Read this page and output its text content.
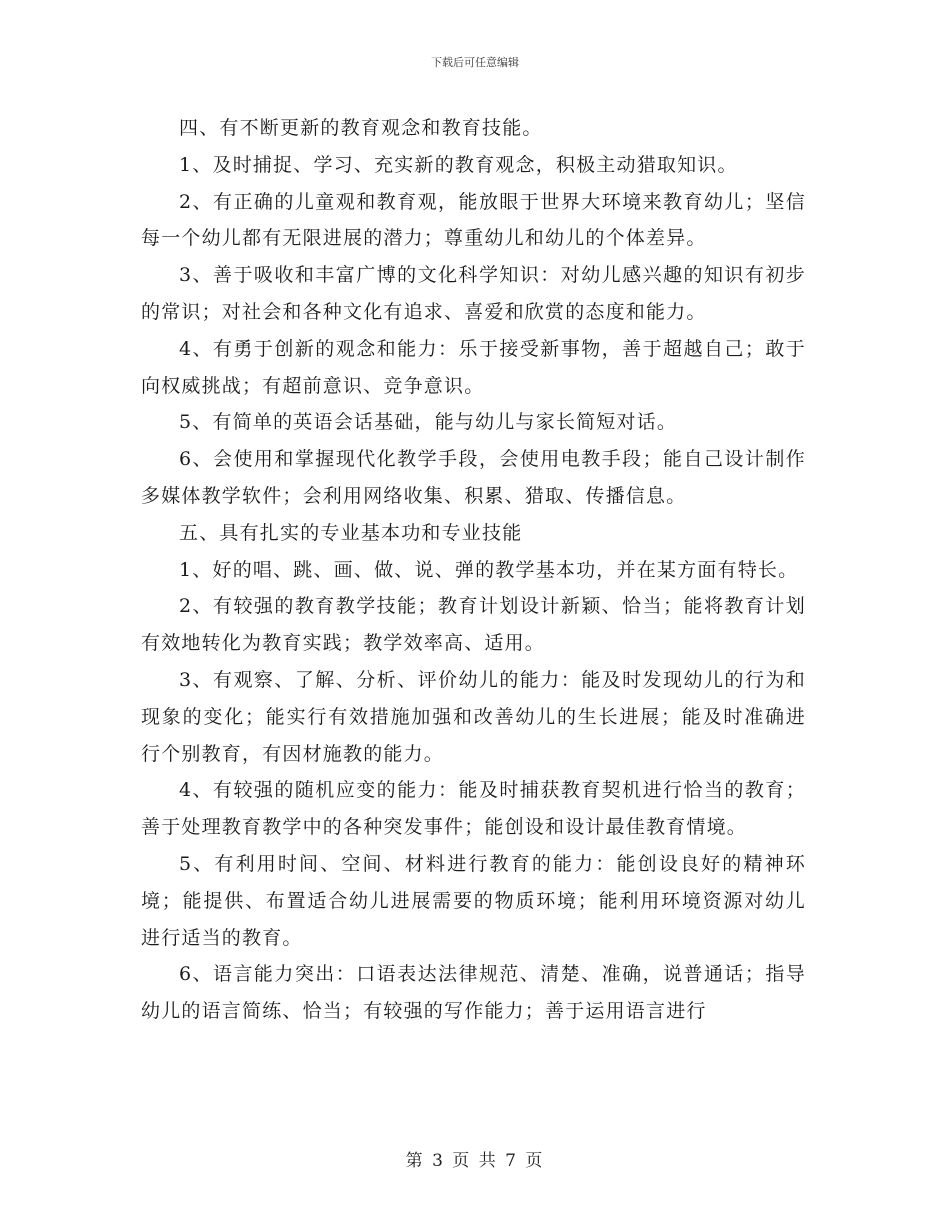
下载后可任意编辑

四、有不断更新的教育观念和教育技能。

1、及时捕捉、学习、充实新的教育观念，积极主动猎取知识。

2、有正确的儿童观和教育观，能放眼于世界大环境来教育幼儿；坚信每一个幼儿都有无限进展的潜力；尊重幼儿和幼儿的个体差异。

3、善于吸收和丰富广博的文化科学知识：对幼儿感兴趣的知识有初步的常识；对社会和各种文化有追求、喜爱和欣赏的态度和能力。

4、有勇于创新的观念和能力：乐于接受新事物，善于超越自己；敢于向权威挑战；有超前意识、竞争意识。

5、有简单的英语会话基础，能与幼儿与家长简短对话。

6、会使用和掌握现代化教学手段，会使用电教手段；能自己设计制作多媒体教学软件；会利用网络收集、积累、猎取、传播信息。

五、具有扎实的专业基本功和专业技能

1、好的唱、跳、画、做、说、弹的教学基本功，并在某方面有特长。

2、有较强的教育教学技能；教育计划设计新颖、恰当；能将教育计划有效地转化为教育实践；教学效率高、适用。

3、有观察、了解、分析、评价幼儿的能力：能及时发现幼儿的行为和现象的变化；能实行有效措施加强和改善幼儿的生长进展；能及时准确进行个别教育，有因材施教的能力。

4、有较强的随机应变的能力：能及时捕获教育契机进行恰当的教育；善于处理教育教学中的各种突发事件；能创设和设计最佳教育情境。

5、有利用时间、空间、材料进行教育的能力：能创设良好的精神环境；能提供、布置适合幼儿进展需要的物质环境；能利用环境资源对幼儿进行适当的教育。

6、语言能力突出：口语表达法律规范、清楚、准确，说普通话；指导幼儿的语言简练、恰当；有较强的写作能力；善于运用语言进行

第 3 页 共 7 页
